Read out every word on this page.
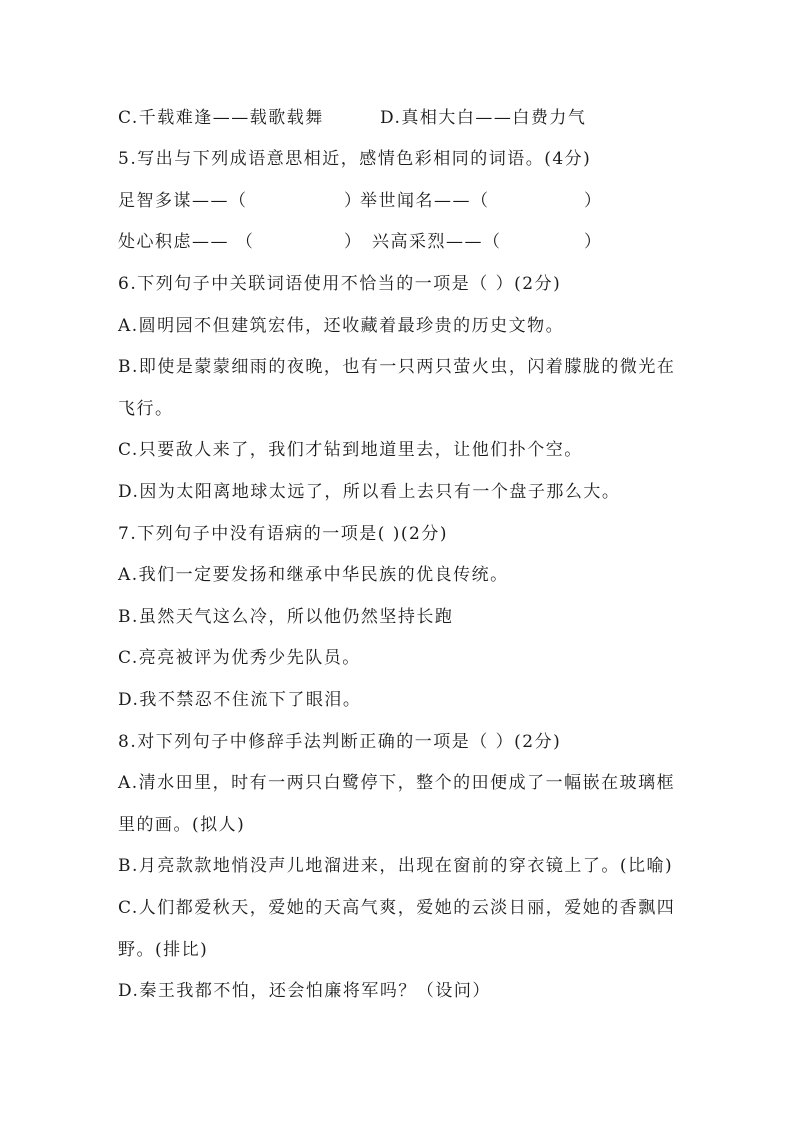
C.千载难逢——载歌载舞	D.真相大白——白费力气
5.写出与下列成语意思相近，感情色彩相同的词语。(4分)
足智多谋——（	）
举世闻名——（	）
处心积虑—— （	） 兴高采烈——（	）
6.下列句子中关联词语使用不恰当的一项是（ ）(2分)
A.圆明园不但建筑宏伟，还收藏着最珍贵的历史文物。
B.即使是蒙蒙细雨的夜晚，也有一只两只萤火虫，闪着朦胧的微光在
飞行。
C.只要敌人来了，我们才钻到地道里去，让他们扑个空。
D.因为太阳离地球太远了，所以看上去只有一个盘子那么大。
7.下列句子中没有语病的一项是( )(2分)
A.我们一定要发扬和继承中华民族的优良传统。
B.虽然天气这么冷，所以他仍然坚持长跑
C.亮亮被评为优秀少先队员。
D.我不禁忍不住流下了眼泪。
8.对下列句子中修辞手法判断正确的一项是（ ）(2分)
A.清水田里，时有一两只白鹭停下，整个的田便成了一幅嵌在玻璃框
里的画。(拟人)
B.月亮款款地悄没声儿地溜进来，出现在窗前的穿衣镜上了。(比喻)
C.人们都爱秋天，爱她的天高气爽，爱她的云淡日丽，爱她的香飘四
野。(排比)
D.秦王我都不怕，还会怕廉将军吗？（设问）
